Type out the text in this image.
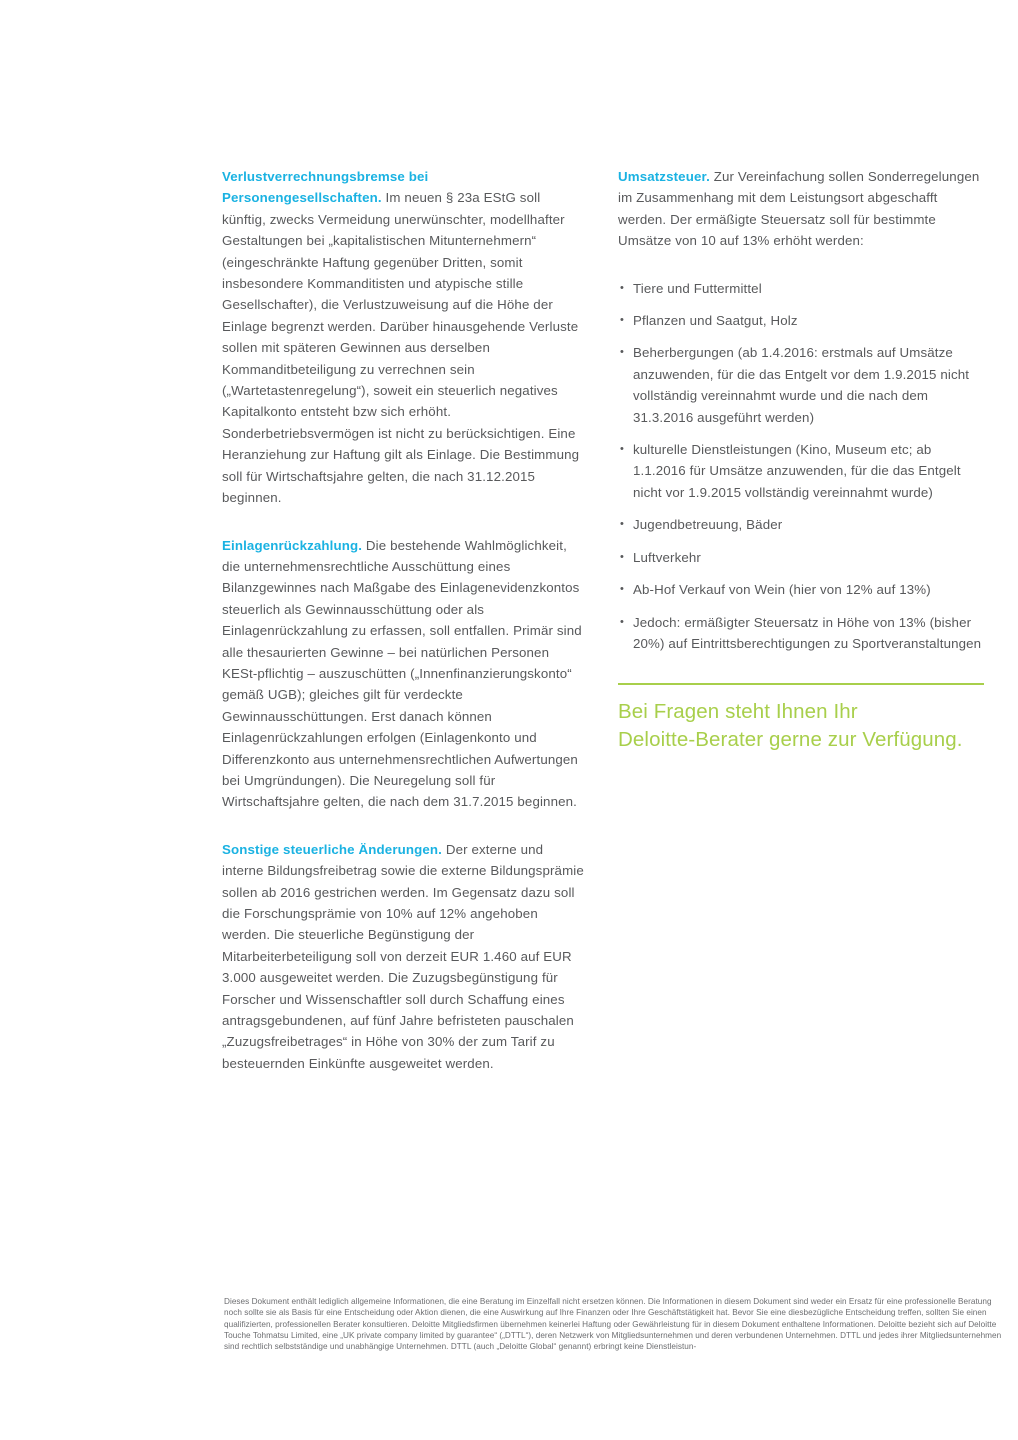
Verlustverrechnungsbremse bei Personengesellschaften. Im neuen § 23a EStG soll künftig, zwecks Vermeidung unerwünschter, modellhafter Gestaltungen bei „kapitalistischen Mitunternehmern“ (eingeschränkte Haftung gegenüber Dritten, somit insbesondere Kommanditisten und atypische stille Gesellschafter), die Verlustzuweisung auf die Höhe der Einlage begrenzt werden. Darüber hinausgehende Verluste sollen mit späteren Gewinnen aus derselben Kommanditbeteiligung zu verrechnen sein („Wartetastenregelung“), soweit ein steuerlich negatives Kapitalkonto entsteht bzw sich erhöht. Sonderbetriebsvermögen ist nicht zu berücksichtigen. Eine Heranziehung zur Haftung gilt als Einlage. Die Bestimmung soll für Wirtschaftsjahre gelten, die nach 31.12.2015 beginnen.

Einlagenrückzahlung. Die bestehende Wahlmöglichkeit, die unternehmensrechtliche Ausschüttung eines Bilanzgewinnes nach Maßgabe des Einlagenevidenzkontos steuerlich als Gewinnausschüttung oder als Einlagenrückzahlung zu erfassen, soll entfallen. Primär sind alle thesaurierten Gewinne – bei natürlichen Personen KESt-pflichtig – auszuschütten („Innenfinanzierungskonto“ gemäß UGB); gleiches gilt für verdeckte Gewinnausschüttungen. Erst danach können Einlagenrückzahlungen erfolgen (Einlagenkonto und Differenzkonto aus unternehmensrechtlichen Aufwertungen bei Umgründungen). Die Neuregelung soll für Wirtschaftsjahre gelten, die nach dem 31.7.2015 beginnen.

Sonstige steuerliche Änderungen. Der externe und interne Bildungsfreibetrag sowie die externe Bildungsprämie sollen ab 2016 gestrichen werden. Im Gegensatz dazu soll die Forschungsprämie von 10% auf 12% angehoben werden. Die steuerliche Begünstigung der Mitarbeiterbeteiligung soll von derzeit EUR 1.460 auf EUR 3.000 ausgeweitet werden. Die Zuzugsbegünstigung für Forscher und Wissenschaftler soll durch Schaffung eines antragsgebundenen, auf fünf Jahre befristeten pauschalen „Zuzugsfreibetrages“ in Höhe von 30% der zum Tarif zu besteuernden Einkünfte ausgeweitet werden.

Umsatzsteuer. Zur Vereinfachung sollen Sonderregelungen im Zusammenhang mit dem Leistungsort abgeschafft werden. Der ermäßigte Steuersatz soll für bestimmte Umsätze von 10 auf 13% erhöht werden:

• Tiere und Futtermittel
• Pflanzen und Saatgut, Holz
• Beherbergungen (ab 1.4.2016: erstmals auf Umsätze anzuwenden, für die das Entgelt vor dem 1.9.2015 nicht vollständig vereinnahmt wurde und die nach dem 31.3.2016 ausgeführt werden)
• kulturelle Dienstleistungen (Kino, Museum etc; ab 1.1.2016 für Umsätze anzuwenden, für die das Entgelt nicht vor 1.9.2015 vollständig vereinnahmt wurde)
• Jugendbetreuung, Bäder
• Luftverkehr
• Ab-Hof Verkauf von Wein (hier von 12% auf 13%)
• Jedoch: ermäßigter Steuersatz in Höhe von 13% (bisher 20%) auf Eintrittsberechtigungen zu Sportveranstaltungen
Bei Fragen steht Ihnen Ihr
Deloitte-Berater gerne zur Verfügung.

Dieses Dokument enthält lediglich allgemeine Informationen, die eine Beratung im Einzelfall nicht ersetzen können. Die Informationen in diesem Dokument sind weder ein Ersatz für eine professionelle Beratung noch sollte sie als Basis für eine Entscheidung oder Aktion dienen, die eine Auswirkung auf Ihre Finanzen oder Ihre Geschäftstätigkeit hat. Bevor Sie eine diesbezügliche Entscheidung treffen, sollten Sie einen qualifizierten, professionellen Berater konsultieren. Deloitte Mitgliedsfirmen übernehmen keinerlei Haftung oder Gewährleistung für in diesem Dokument enthaltene Informationen. Deloitte bezieht sich auf Deloitte Touche Tohmatsu Limited, eine „UK private company limited by guarantee“ („DTTL“), deren Netzwerk von Mitgliedsunternehmen und deren verbundenen Unternehmen. DTTL und jedes ihrer Mitgliedsunternehmen sind rechtlich selbstständige und unabhängige Unternehmen. DTTL (auch „Deloitte Global“ genannt) erbringt keine Dienstleistun-
